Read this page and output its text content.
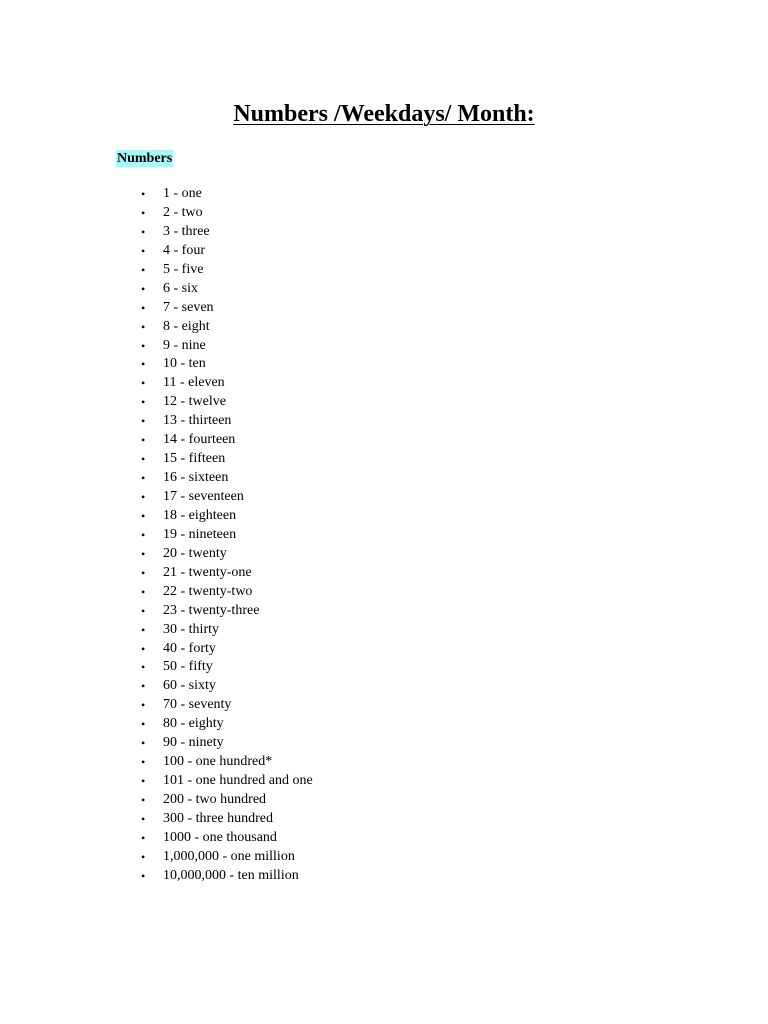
Numbers /Weekdays/ Month:
Numbers
• 1 - one
• 2 - two
• 3 - three
• 4 - four
• 5 - five
• 6 - six
• 7 - seven
• 8 - eight
• 9 - nine
• 10 - ten
• 11 - eleven
• 12 - twelve
• 13 - thirteen
• 14 - fourteen
• 15 - fifteen
• 16 - sixteen
• 17 - seventeen
• 18 - eighteen
• 19 - nineteen
• 20 - twenty
• 21 - twenty-one
• 22 - twenty-two
• 23 - twenty-three
• 30 - thirty
• 40 - forty
• 50 - fifty
• 60 - sixty
• 70 - seventy
• 80 - eighty
• 90 - ninety
• 100 - one hundred*
• 101 - one hundred and one
• 200 - two hundred
• 300 - three hundred
• 1000 - one thousand
• 1,000,000 - one million
• 10,000,000 - ten million
